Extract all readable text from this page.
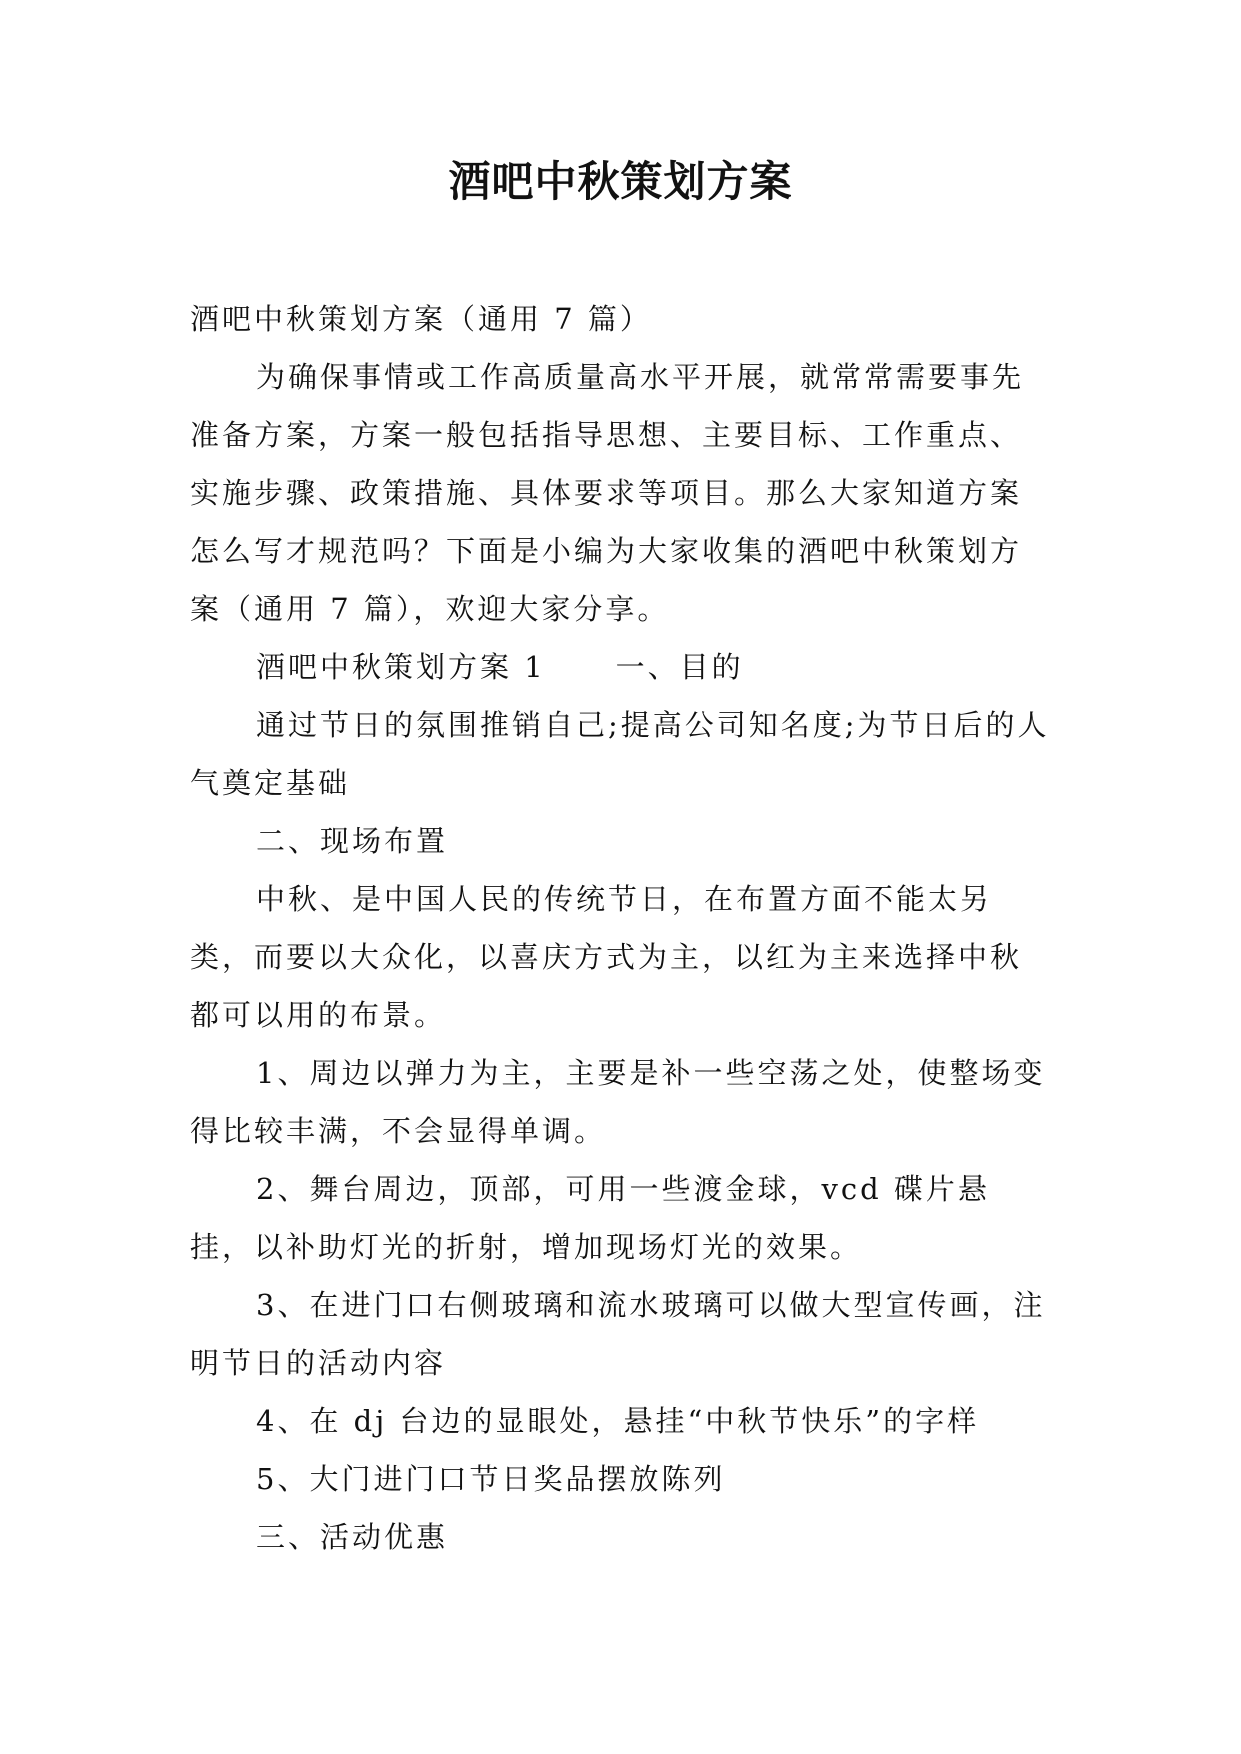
酒吧中秋策划方案

酒吧中秋策划方案（通用 7 篇）

为确保事情或工作高质量高水平开展，就常常需要事先准备方案，方案一般包括指导思想、主要目标、工作重点、实施步骤、政策措施、具体要求等项目。那么大家知道方案怎么写才规范吗？下面是小编为大家收集的酒吧中秋策划方案（通用 7 篇），欢迎大家分享。

酒吧中秋策划方案 1 一、目的

通过节日的氛围推销自己;提高公司知名度;为节日后的人气奠定基础

二、现场布置

中秋、是中国人民的传统节日，在布置方面不能太另类，而要以大众化，以喜庆方式为主，以红为主来选择中秋都可以用的布景。

1、周边以弹力为主，主要是补一些空荡之处，使整场变得比较丰满，不会显得单调。

2、舞台周边，顶部，可用一些渡金球，vcd 碟片悬挂，以补助灯光的折射，增加现场灯光的效果。

3、在进门口右侧玻璃和流水玻璃可以做大型宣传画，注明节日的活动内容

4、在 dj 台边的显眼处，悬挂“中秋节快乐”的字样

5、大门进门口节日奖品摆放陈列

三、活动优惠
